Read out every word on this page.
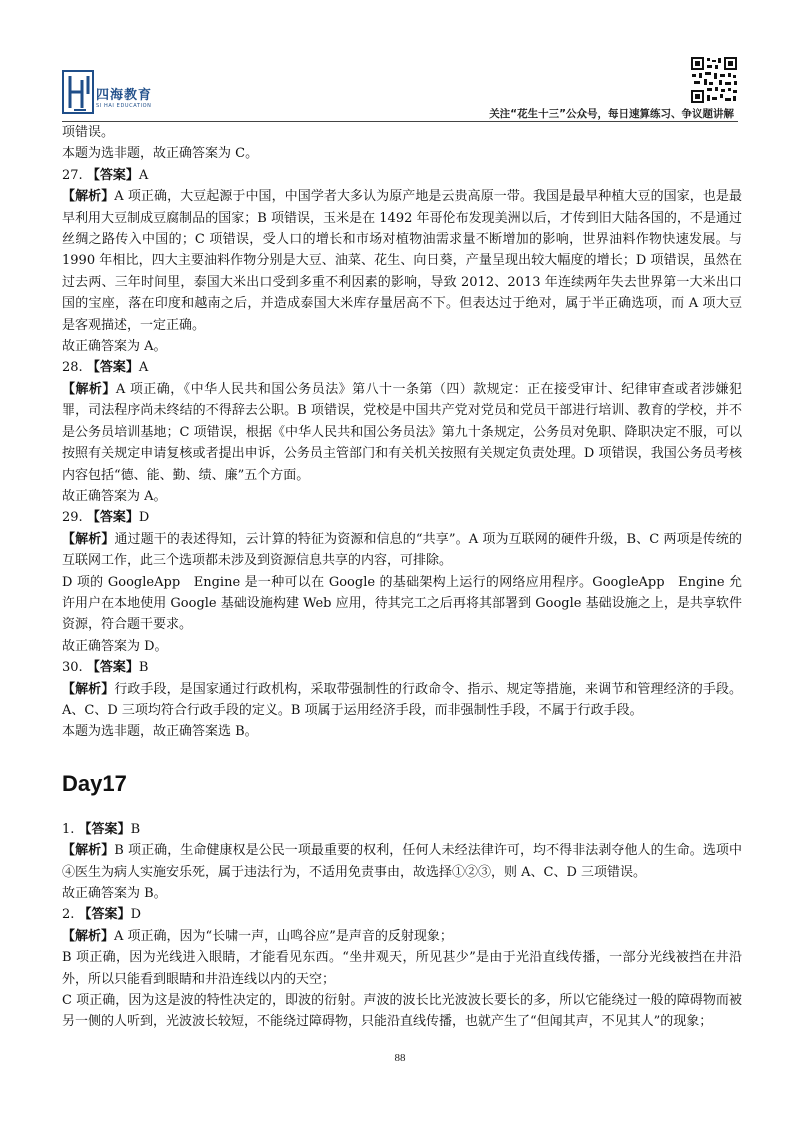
四海教育
SI HAI EDUCATION
关注“花生十三”公众号，每日速算练习、争议题讲解

项错误。

本题为选非题，故正确答案为 C。

27. 【答案】A

【解析】A 项正确，大豆起源于中国，中国学者大多认为原产地是云贵高原一带。我国是最早种植大豆的国家，也是最早利用大豆制成豆腐制品的国家；B 项错误，玉米是在 1492 年哥伦布发现美洲以后，才传到旧大陆各国的，不是通过丝绸之路传入中国的；C 项错误，受人口的增长和市场对植物油需求量不断增加的影响，世界油料作物快速发展。与 1990 年相比，四大主要油料作物分别是大豆、油菜、花生、向日葵，产量呈现出较大幅度的增长；D 项错误，虽然在过去两、三年时间里，泰国大米出口受到多重不利因素的影响，导致 2012、2013 年连续两年失去世界第一大米出口国的宝座，落在印度和越南之后，并造成泰国大米库存量居高不下。但表达过于绝对，属于半正确选项，而 A 项大豆是客观描述，一定正确。

故正确答案为 A。

28. 【答案】A

【解析】A 项正确，《中华人民共和国公务员法》第八十一条第（四）款规定：正在接受审计、纪律审查或者涉嫌犯罪，司法程序尚未终结的不得辞去公职。B 项错误，党校是中国共产党对党员和党员干部进行培训、教育的学校，并不是公务员培训基地；C 项错误，根据《中华人民共和国公务员法》第九十条规定，公务员对免职、降职决定不服，可以按照有关规定申请复核或者提出申诉，公务员主管部门和有关机关按照有关规定负责处理。D 项错误，我国公务员考核内容包括“德、能、勤、绩、廉”五个方面。

故正确答案为 A。

29. 【答案】D

【解析】通过题干的表述得知，云计算的特征为资源和信息的“共享”。A 项为互联网的硬件升级，B、C 两项是传统的互联网工作，此三个选项都未涉及到资源信息共享的内容，可排除。

D 项的 GoogleApp　Engine 是一种可以在 Google 的基础架构上运行的网络应用程序。GoogleApp　Engine 允许用户在本地使用 Google 基础设施构建 Web 应用，待其完工之后再将其部署到 Google 基础设施之上，是共享软件资源，符合题干要求。

故正确答案为 D。

30. 【答案】B

【解析】行政手段，是国家通过行政机构，采取带强制性的行政命令、指示、规定等措施，来调节和管理经济的手段。A、C、D 三项均符合行政手段的定义。B 项属于运用经济手段，而非强制性手段，不属于行政手段。

本题为选非题，故正确答案选 B。

Day17

1. 【答案】B

【解析】B 项正确，生命健康权是公民一项最重要的权利，任何人未经法律许可，均不得非法剥夺他人的生命。选项中④医生为病人实施安乐死，属于违法行为，不适用免责事由，故选择①②③，则 A、C、D 三项错误。

故正确答案为 B。

2. 【答案】D

【解析】A 项正确，因为“长啸一声，山鸣谷应”是声音的反射现象；

B 项正确，因为光线进入眼睛，才能看见东西。“坐井观天，所见甚少”是由于光沿直线传播，一部分光线被挡在井沿外，所以只能看到眼睛和井沿连线以内的天空；

C 项正确，因为这是波的特性决定的，即波的衍射。声波的波长比光波波长要长的多，所以它能绕过一般的障碍物而被另一侧的人听到，光波波长较短，不能绕过障碍物，只能沿直线传播，也就产生了“但闻其声，不见其人”的现象；

88
